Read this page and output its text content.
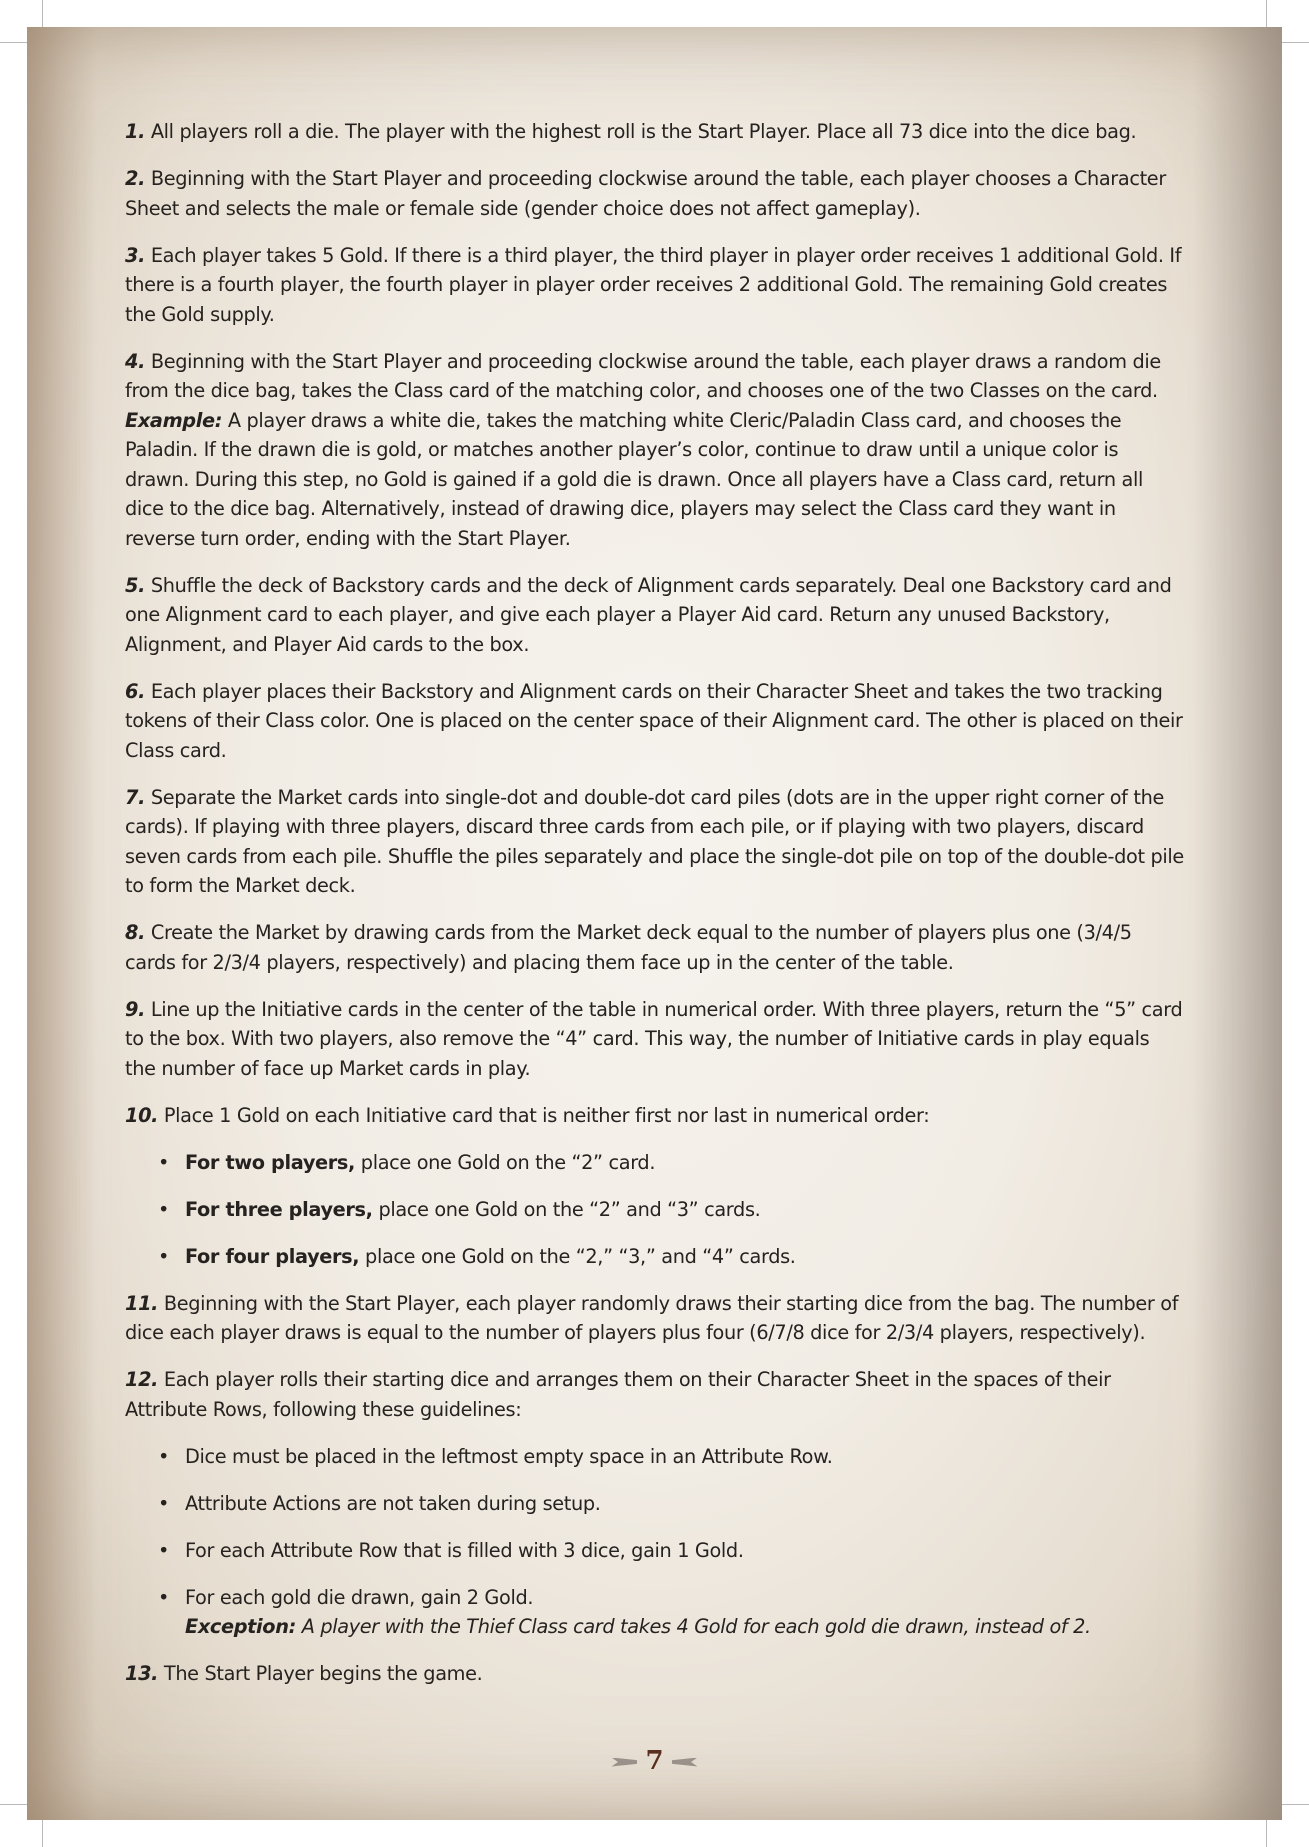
1. All players roll a die. The player with the highest roll is the Start Player. Place all 73 dice into the dice bag.

2. Beginning with the Start Player and proceeding clockwise around the table, each player chooses a Character Sheet and selects the male or female side (gender choice does not affect gameplay).

3. Each player takes 5 Gold. If there is a third player, the third player in player order receives 1 additional Gold. If there is a fourth player, the fourth player in player order receives 2 additional Gold. The remaining Gold creates the Gold supply.

4. Beginning with the Start Player and proceeding clockwise around the table, each player draws a random die from the dice bag, takes the Class card of the matching color, and chooses one of the two Classes on the card.
Example: A player draws a white die, takes the matching white Cleric/Paladin Class card, and chooses the Paladin. If the drawn die is gold, or matches another player’s color, continue to draw until a unique color is drawn. During this step, no Gold is gained if a gold die is drawn. Once all players have a Class card, return all dice to the dice bag. Alternatively, instead of drawing dice, players may select the Class card they want in reverse turn order, ending with the Start Player.

5. Shuffle the deck of Backstory cards and the deck of Alignment cards separately. Deal one Backstory card and one Alignment card to each player, and give each player a Player Aid card. Return any unused Backstory, Alignment, and Player Aid cards to the box.

6. Each player places their Backstory and Alignment cards on their Character Sheet and takes the two tracking tokens of their Class color. One is placed on the center space of their Alignment card. The other is placed on their Class card.

7. Separate the Market cards into single-dot and double-dot card piles (dots are in the upper right corner of the cards). If playing with three players, discard three cards from each pile, or if playing with two players, discard seven cards from each pile. Shuffle the piles separately and place the single-dot pile on top of the double-dot pile to form the Market deck.

8. Create the Market by drawing cards from the Market deck equal to the number of players plus one (3/4/5 cards for 2/3/4 players, respectively) and placing them face up in the center of the table.

9. Line up the Initiative cards in the center of the table in numerical order. With three players, return the “5” card to the box. With two players, also remove the “4” card. This way, the number of Initiative cards in play equals the number of face up Market cards in play.

10. Place 1 Gold on each Initiative card that is neither first nor last in numerical order:

• For two players, place one Gold on the “2” card.
• For three players, place one Gold on the “2” and “3” cards.
• For four players, place one Gold on the “2,” “3,” and “4” cards.

11. Beginning with the Start Player, each player randomly draws their starting dice from the bag. The number of dice each player draws is equal to the number of players plus four (6/7/8 dice for 2/3/4 players, respectively).

12. Each player rolls their starting dice and arranges them on their Character Sheet in the spaces of their Attribute Rows, following these guidelines:

• Dice must be placed in the leftmost empty space in an Attribute Row.
• Attribute Actions are not taken during setup.
• For each Attribute Row that is filled with 3 dice, gain 1 Gold.
• For each gold die drawn, gain 2 Gold.
Exception: A player with the Thief Class card takes 4 Gold for each gold die drawn, instead of 2.

13. The Start Player begins the game.

7
